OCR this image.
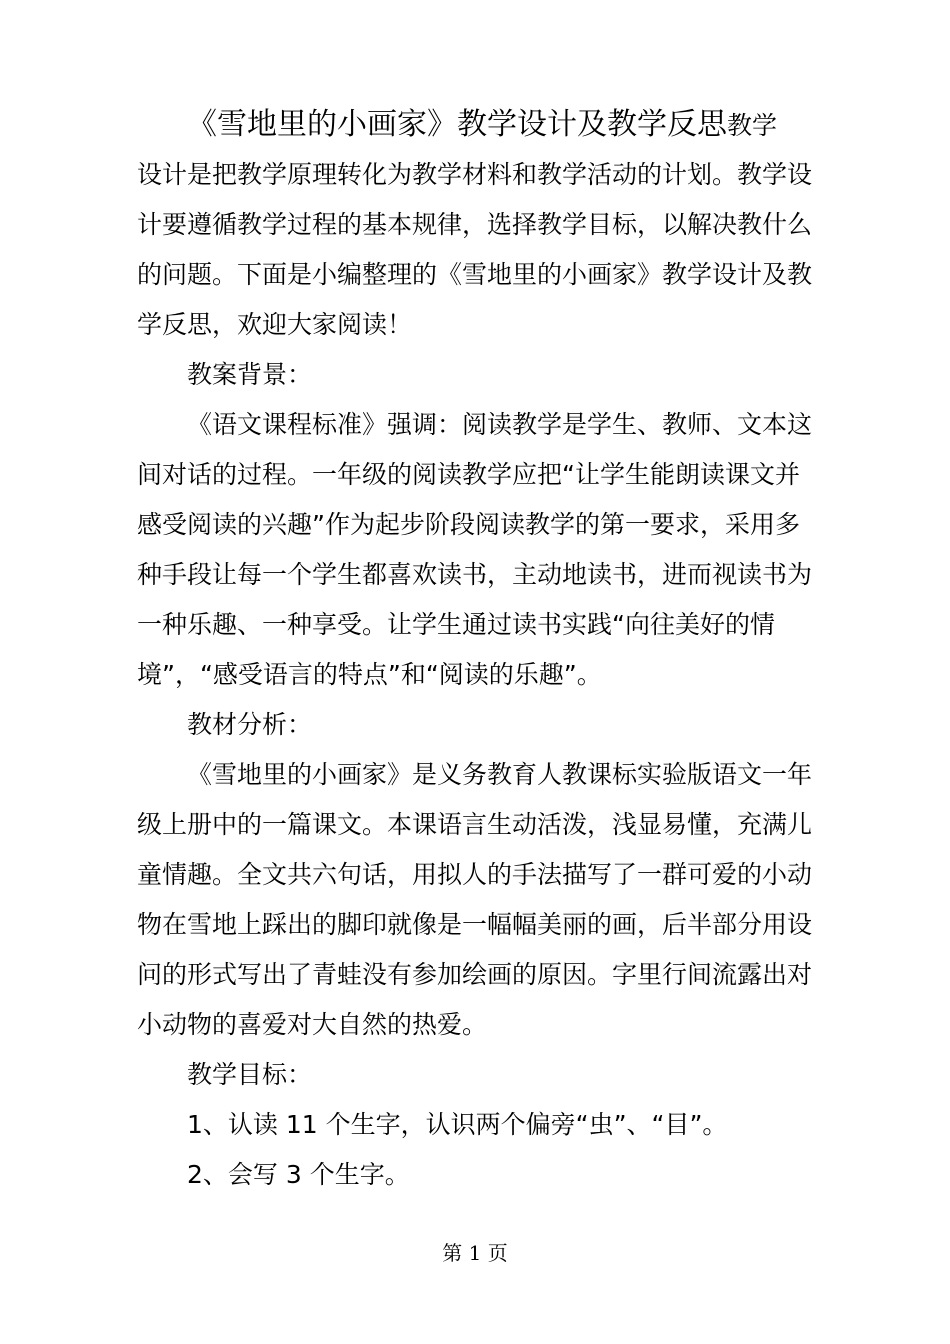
《雪地里的小画家》教学设计及教学反思教学

设计是把教学原理转化为教学材料和教学活动的计划。教学设

计要遵循教学过程的基本规律，选择教学目标，以解决教什么

的问题。下面是小编整理的《雪地里的小画家》教学设计及教

学反思，欢迎大家阅读！

教案背景：

《语文课程标准》强调：阅读教学是学生、教师、文本这

间对话的过程。一年级的阅读教学应把“让学生能朗读课文并

感受阅读的兴趣”作为起步阶段阅读教学的第一要求，采用多

种手段让每一个学生都喜欢读书，主动地读书，进而视读书为

一种乐趣、一种享受。让学生通过读书实践“向往美好的情

境”，“感受语言的特点”和“阅读的乐趣”。

教材分析：

《雪地里的小画家》是义务教育人教课标实验版语文一年

级上册中的一篇课文。本课语言生动活泼，浅显易懂，充满儿

童情趣。全文共六句话，用拟人的手法描写了一群可爱的小动

物在雪地上踩出的脚印就像是一幅幅美丽的画，后半部分用设

问的形式写出了青蛙没有参加绘画的原因。字里行间流露出对

小动物的喜爱对大自然的热爱。

教学目标：

1、认读 11 个生字，认识两个偏旁“虫”、“目”。

2、会写 3 个生字。

第 1 页
